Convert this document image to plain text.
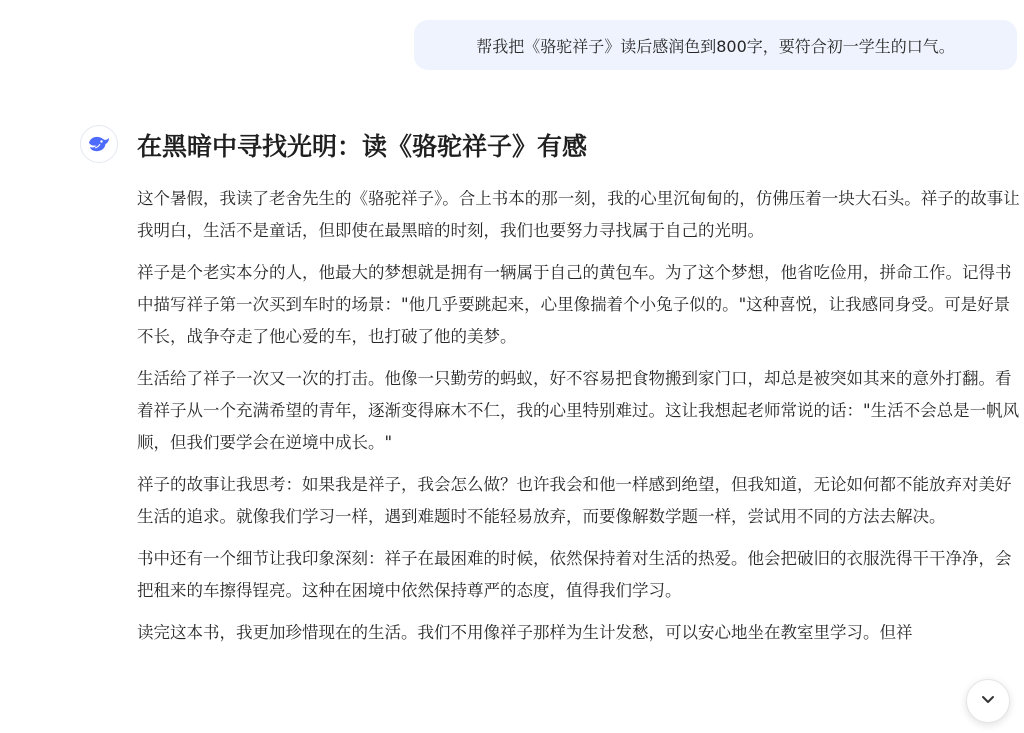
帮我把《骆驼祥子》读后感润色到800字，要符合初一学生的口气。
在黑暗中寻找光明：读《骆驼祥子》有感

这个暑假，我读了老舍先生的《骆驼祥子》。合上书本的那一刻，我的心里沉甸甸的，仿佛压着一块大石头。祥子的故事让我明白，生活不是童话，但即使在最黑暗的时刻，我们也要努力寻找属于自己的光明。

祥子是个老实本分的人，他最大的梦想就是拥有一辆属于自己的黄包车。为了这个梦想，他省吃俭用，拼命工作。记得书中描写祥子第一次买到车时的场景："他几乎要跳起来，心里像揣着个小兔子似的。"这种喜悦，让我感同身受。可是好景不长，战争夺走了他心爱的车，也打破了他的美梦。

生活给了祥子一次又一次的打击。他像一只勤劳的蚂蚁，好不容易把食物搬到家门口，却总是被突如其来的意外打翻。看着祥子从一个充满希望的青年，逐渐变得麻木不仁，我的心里特别难过。这让我想起老师常说的话："生活不会总是一帆风顺，但我们要学会在逆境中成长。"

祥子的故事让我思考：如果我是祥子，我会怎么做？也许我会和他一样感到绝望，但我知道，无论如何都不能放弃对美好生活的追求。就像我们学习一样，遇到难题时不能轻易放弃，而要像解数学题一样，尝试用不同的方法去解决。

书中还有一个细节让我印象深刻：祥子在最困难的时候，依然保持着对生活的热爱。他会把破旧的衣服洗得干干净净，会把租来的车擦得锃亮。这种在困境中依然保持尊严的态度，值得我们学习。

读完这本书，我更加珍惜现在的生活。我们不用像祥子那样为生计发愁，可以安心地坐在教室里学习。但祥
